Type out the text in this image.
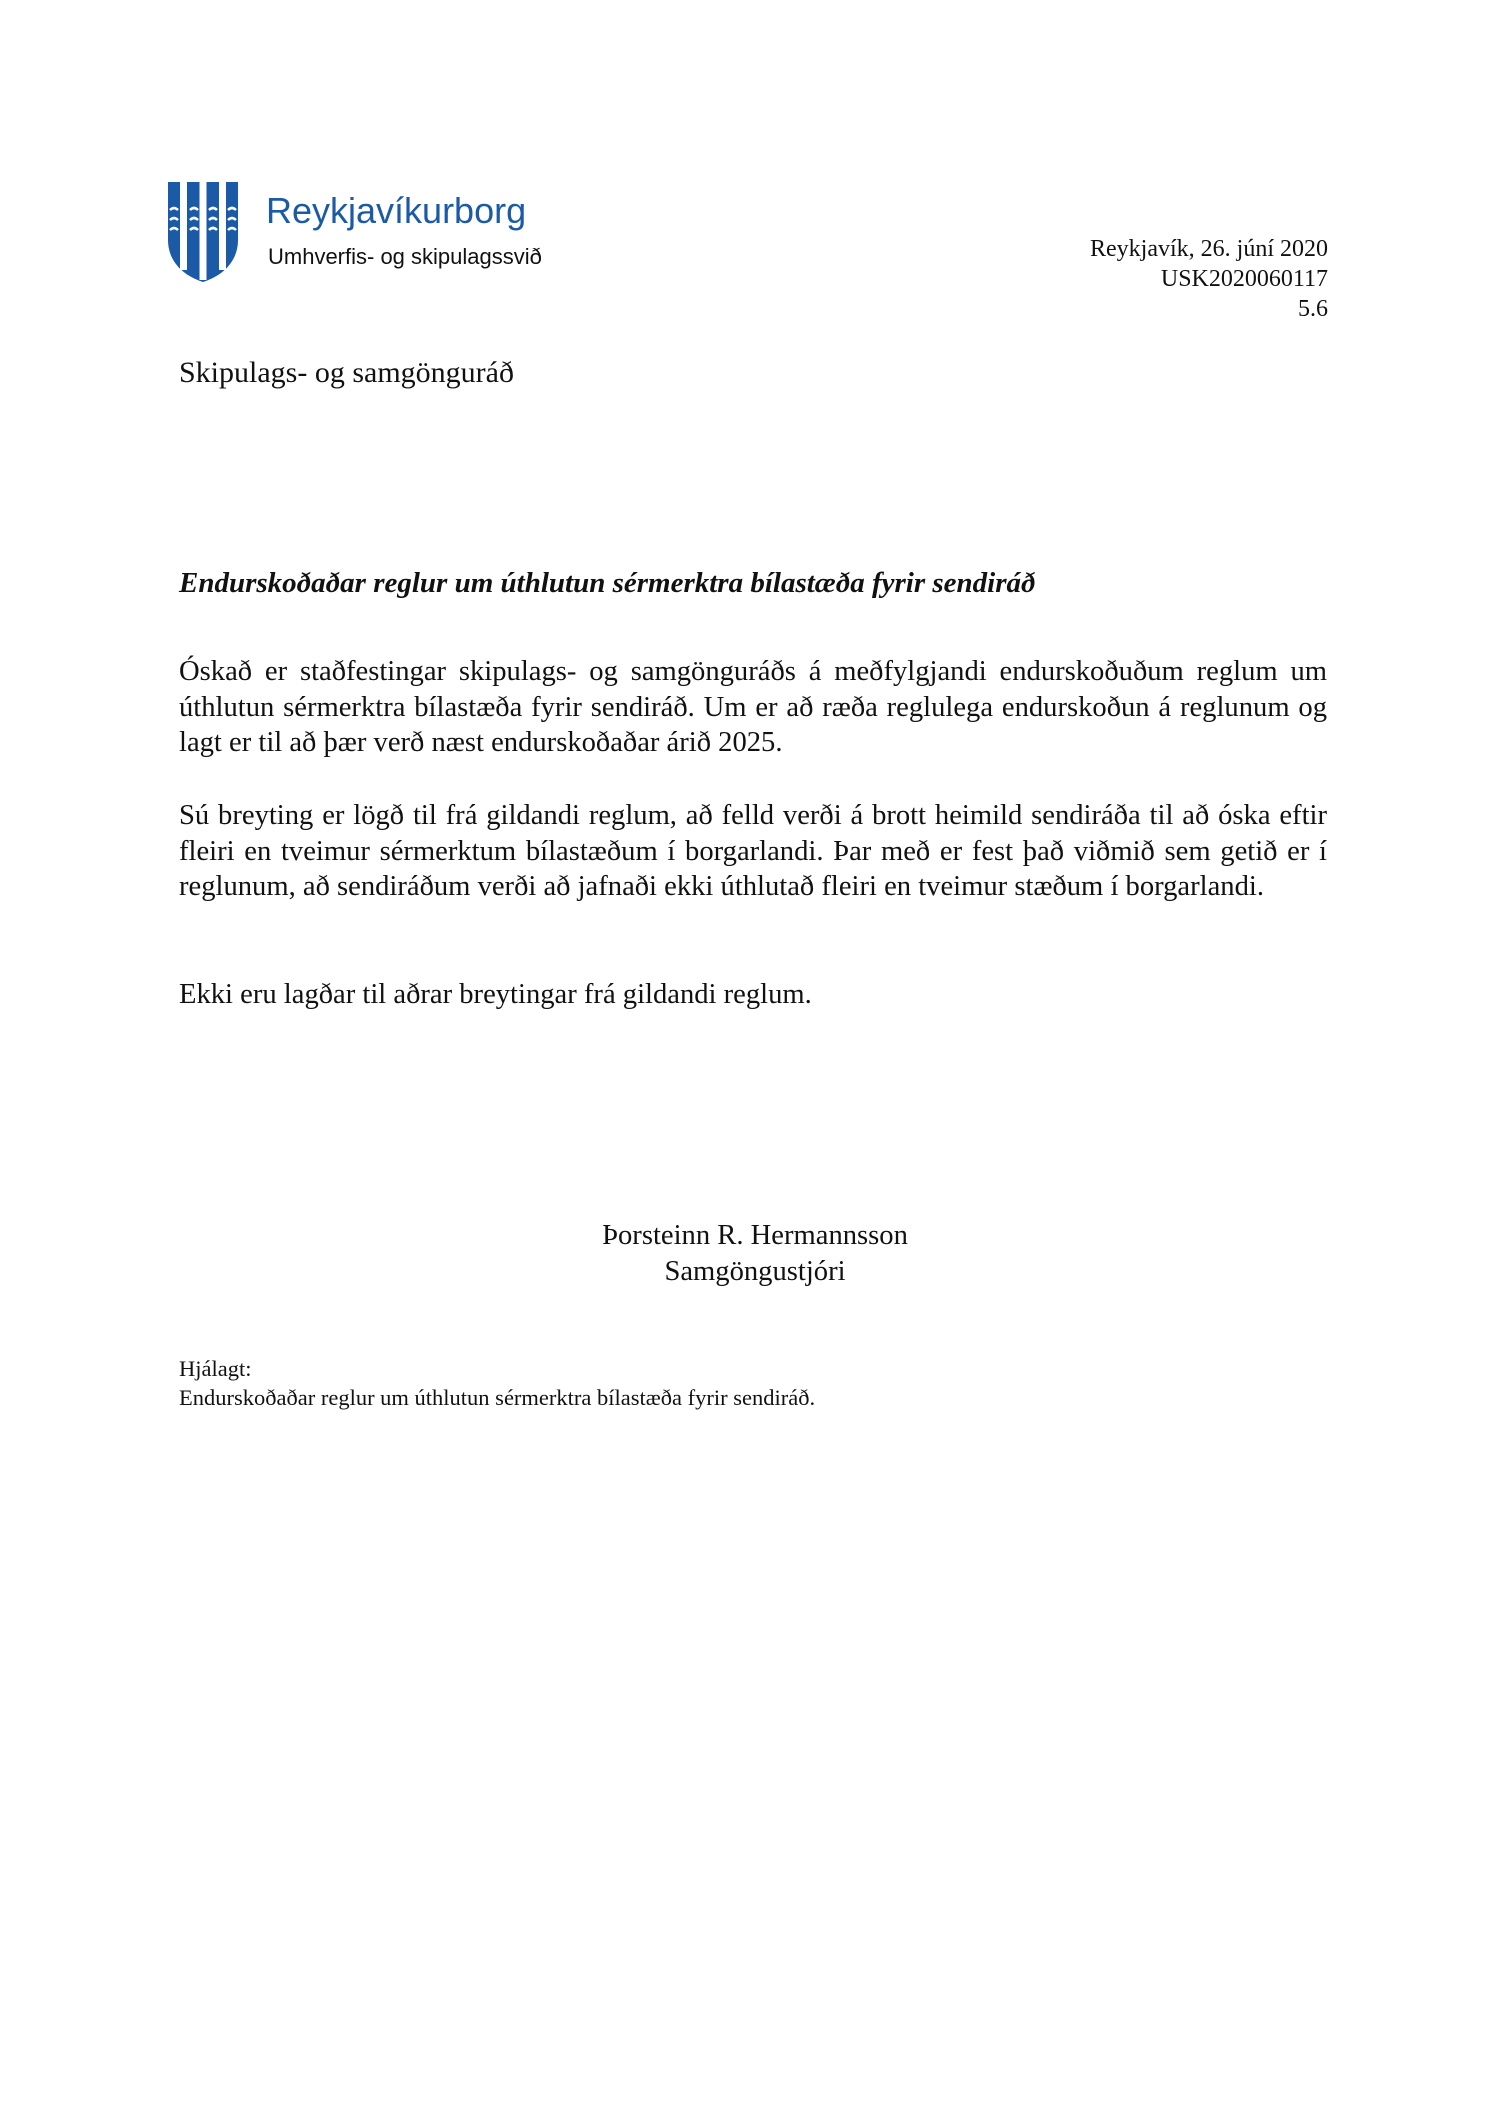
Reykjavíkurborg
Umhverfis- og skipulagssvið	Reykjavík, 26. júní 2020
USK2020060117
5.6
Skipulags- og samgönguráð
Endurskoðaðar reglur um úthlutun sérmerktra bílastæða fyrir sendiráð

Óskað er staðfestingar skipulags- og samgönguráðs á meðfylgjandi endurskoðuðum reglum um úthlutun sérmerktra bílastæða fyrir sendiráð. Um er að ræða reglulega endurskoðun á reglunum og lagt er til að þær verð næst endurskoðaðar árið 2025.

Sú breyting er lögð til frá gildandi reglum, að felld verði á brott heimild sendiráða til að óska eftir fleiri en tveimur sérmerktum bílastæðum í borgarlandi. Þar með er fest það viðmið sem getið er í reglunum, að sendiráðum verði að jafnaði ekki úthlutað fleiri en tveimur stæðum í borgarlandi.

Ekki eru lagðar til aðrar breytingar frá gildandi reglum.

Þorsteinn R. Hermannsson
Samgöngustjóri
Hjálagt:
Endurskoðaðar reglur um úthlutun sérmerktra bílastæða fyrir sendiráð.
